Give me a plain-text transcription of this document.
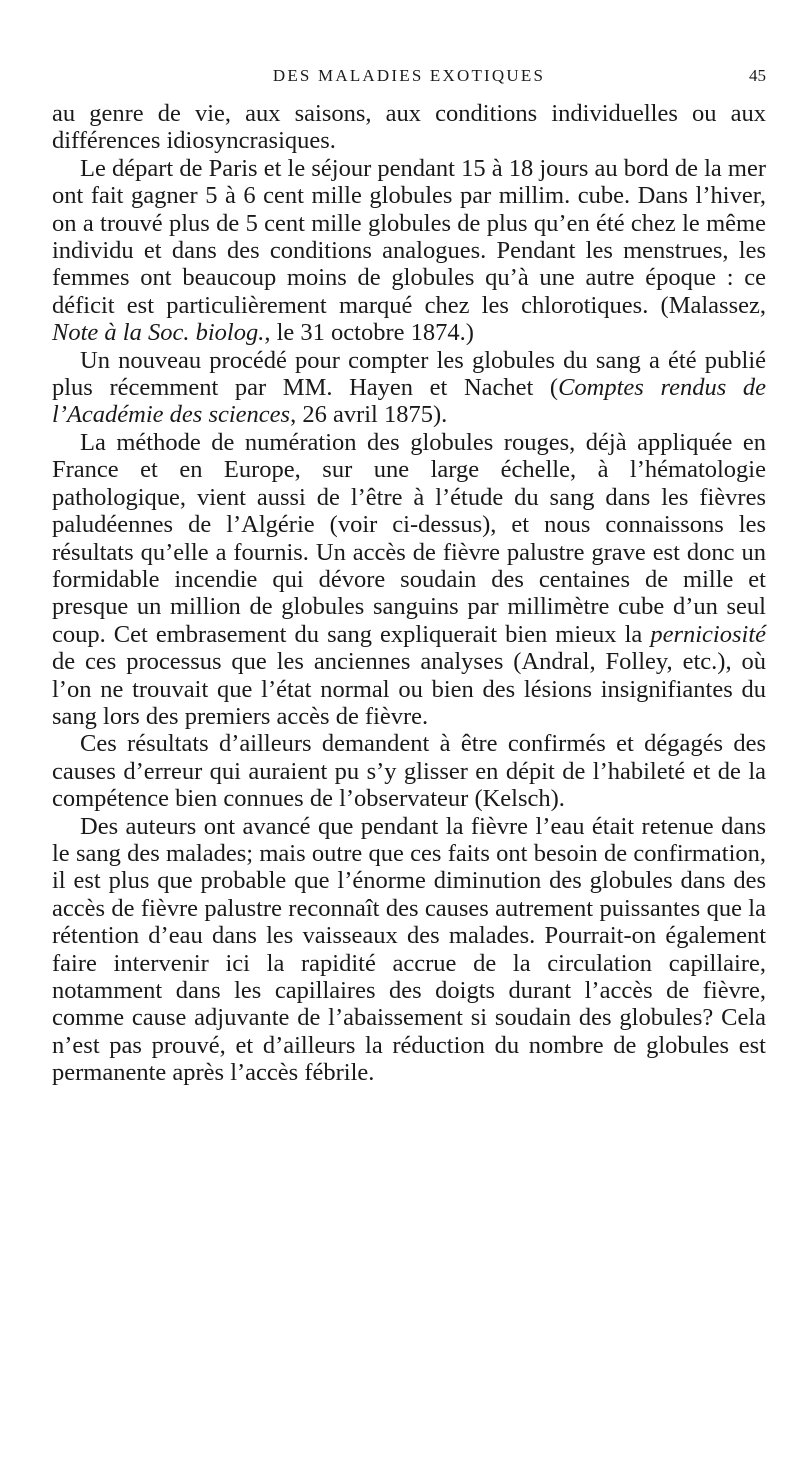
DES MALADIES EXOTIQUES	45

au genre de vie, aux saisons, aux conditions individuelles ou aux différences idiosyncrasiques.

Le départ de Paris et le séjour pendant 15 à 18 jours au bord de la mer ont fait gagner 5 à 6 cent mille globules par millim. cube. Dans l’hiver, on a trouvé plus de 5 cent mille globules de plus qu’en été chez le même individu et dans des conditions analogues. Pendant les menstrues, les femmes ont beaucoup moins de globules qu’à une autre époque : ce déficit est particulièrement marqué chez les chlorotiques. (Malassez, Note à la Soc. biolog., le 31 octobre 1874.)

Un nouveau procédé pour compter les globules du sang a été publié plus récemment par MM. Hayen et Nachet (Comptes rendus de l’Académie des sciences, 26 avril 1875).

La méthode de numération des globules rouges, déjà appliquée en France et en Europe, sur une large échelle, à l’hématologie pathologique, vient aussi de l’être à l’étude du sang dans les fièvres paludéennes de l’Algérie (voir ci-dessus), et nous connaissons les résultats qu’elle a fournis. Un accès de fièvre palustre grave est donc un formidable incendie qui dévore soudain des centaines de mille et presque un million de globules sanguins par millimètre cube d’un seul coup. Cet embrasement du sang expliquerait bien mieux la perniciosité de ces processus que les anciennes analyses (Andral, Folley, etc.), où l’on ne trouvait que l’état normal ou bien des lésions insignifiantes du sang lors des premiers accès de fièvre.

Ces résultats d’ailleurs demandent à être confirmés et dégagés des causes d’erreur qui auraient pu s’y glisser en dépit de l’habileté et de la compétence bien connues de l’observateur (Kelsch).

Des auteurs ont avancé que pendant la fièvre l’eau était retenue dans le sang des malades; mais outre que ces faits ont besoin de confirmation, il est plus que probable que l’énorme diminution des globules dans des accès de fièvre palustre reconnaît des causes autrement puissantes que la rétention d’eau dans les vaisseaux des malades. Pourrait-on également faire intervenir ici la rapidité accrue de la circulation capillaire, notamment dans les capillaires des doigts durant l’accès de fièvre, comme cause adjuvante de l’abaissement si soudain des globules? Cela n’est pas prouvé, et d’ailleurs la réduction du nombre de globules est permanente après l’accès fébrile.
